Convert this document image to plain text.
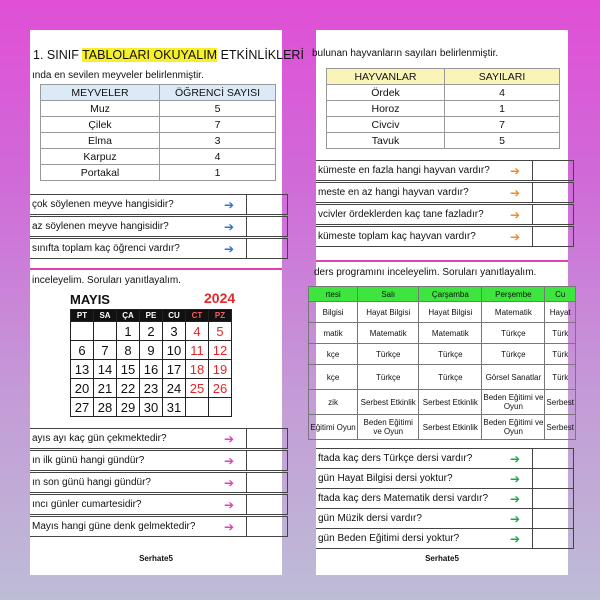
1. SINIF TABLOLARI OKUYALIM ETKİNLİKLERİ
ında en sevilen meyveler belirlenmiştir.
MEYVELER	ÖĞRENCİ SAYISI
Muz	5
Çilek	7
Elma	3
Karpuz	4
Portakal	1
çok söylenen meyve hangisidir?	➔
az söylenen meyve hangisidir?	➔
sınıfta toplam kaç öğrenci vardır?	➔
inceleyelim. Soruları yanıtlayalım.
MAYIS	2024
PT	SA	ÇA	PE	CU	CT	PZ
		1	2	3	4	5
6	7	8	9	10	11	12
13	14	15	16	17	18	19
20	21	22	23	24	25	26
27	28	29	30	31		
ayıs ayı kaç gün çekmektedir?	➔
ın ilk günü hangi gündür?	➔
ın son günü hangi gündür?	➔
ıncı günler cumartesidir?	➔
Mayıs hangi güne denk gelmektedir?	➔
Serhate5
bulunan hayvanların sayıları belirlenmiştir.
HAYVANLAR	SAYILARI
Ördek	4
Horoz	1
Civciv	7
Tavuk	5
kümeste en fazla hangi hayvan vardır?	➔
meste en az hangi hayvan vardır?	➔
vciv​ler ördeklerden kaç tane fazladır?	➔
kümeste toplam kaç hayvan vardır?	➔
ders programını inceleyelim. Soruları yanıtlayalım.
rtesi	Salı	Çarşamba	Perşembe	Cu
Bilgisi	Hayat Bilgisi	Hayat Bilgisi	Matematik	Hayat
matik	Matematik	Matematik	Türkçe	Türk
kçe	Türkçe	Türkçe	Türkçe	Türk
kçe	Türkçe	Türkçe	Görsel Sanatlar	Türk
zik	Serbest Etkinlik	Serbest Etkinlik	Beden Eğitimi ve Oyun	Serbest
Eğitimi Oyun	Beden Eğitimi ve Oyun	Serbest Etkinlik	Beden Eğitimi ve Oyun	Serbest
ftada kaç ders Türkçe dersi vardır?	➔
gün Hayat Bilgisi dersi yoktur?	➔
ftada kaç ders Matematik dersi vardır?	➔
gün Müzik dersi vardır?	➔
gün Beden Eğitimi dersi yoktur?	➔
Serhate5
